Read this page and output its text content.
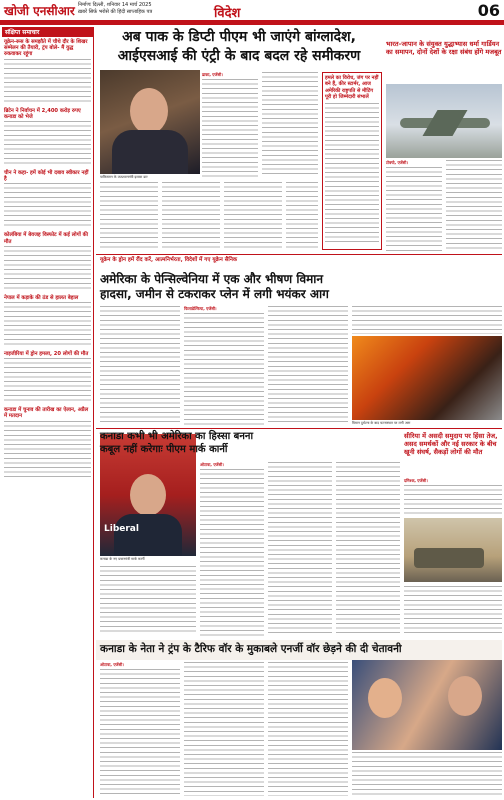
खोजी एनसीआर निर्माणः दिल्ली, शनिवार 14 मार्च 2025
ख़बरें सिर्फ़ भरोसे की हिंदी साप्ताहिक पत्र	विदेश	06
संक्षिप्त समाचार
यूक्रेन-रूस के समझौते में चौथे दौर के शिखर सम्मेलन की तैयारी, ट्रंप बोले- मैं युद्ध रुकवाकर रहूंगा
ब्रिटेन ने निर्वाचन में 2,400 करोड़ रुपए कनाडा को भेजे
चीन ने कहा- हमें कोई भी दबाव स्वीकार नहीं है
कोलंबिया में बेवजह विस्फोट में कई लोगों की मौत
नेपाल में कड़ाके की ठंड से हालत बेहाल
नाइजीरिया में ड्रोन हमला, 20 लोगों की मौत
कनाडा में चुनाव की तारीख का ऐलान, अप्रैल में मतदान
अब पाक के डिप्टी पीएम भी जाएंगे बांग्लादेश,
आईएसआई की एंट्री के बाद बदल रहे समीकरण
पाकिस्तान के उपप्रधानमंत्री इशाक डार
ढाका, एजेंसी।
हमले का विरोध, जंग पर नहीं बने हैं, कीर स्टार्मर, आज अमेरिकी राष्ट्रपति से मीटिंग पूरी हो जिम्मेदारी संभालें
भारत-जापान के संयुक्त युद्धाभ्यास धर्मा गार्डियन का समापन, दोनों देशों के रक्षा संबंध होंगे मजबूत
टोक्यो, एजेंसी।
यूक्रेन के ड्रोन हमें रौंद करें, आत्मनिर्भरता, विदेशों में गए यूक्रेन सैनिक
अमेरिका के पेन्सिल्वेनिया में एक और भीषण विमान
हादसा, जमीन से टकराकर प्लेन में लगी भयंकर आग
फिलाडेल्फिया, एजेंसी।
विमान दुर्घटना के बाद घटनास्थल पर लगी आग
Liberal
कनाडा के नए प्रधानमंत्री मार्क कार्नी
कनाडा कभी भी अमेरिका का हिस्सा बनना
कबूल नहीं करेगाः पीएम मार्क कार्नी
ओटावा, एजेंसी।
सीरिया में असदी समुदाय पर हिंसा तेज, असद समर्थकों और नई सरकार के बीच खूनी संघर्ष, सैकड़ों लोगों की मौत
दमिश्क, एजेंसी।
कनाडा के नेता ने ट्रंप के टैरिफ वॉर के मुकाबले एनर्जी वॉर छेड़ने की दी चेतावनी
ओटावा, एजेंसी।
